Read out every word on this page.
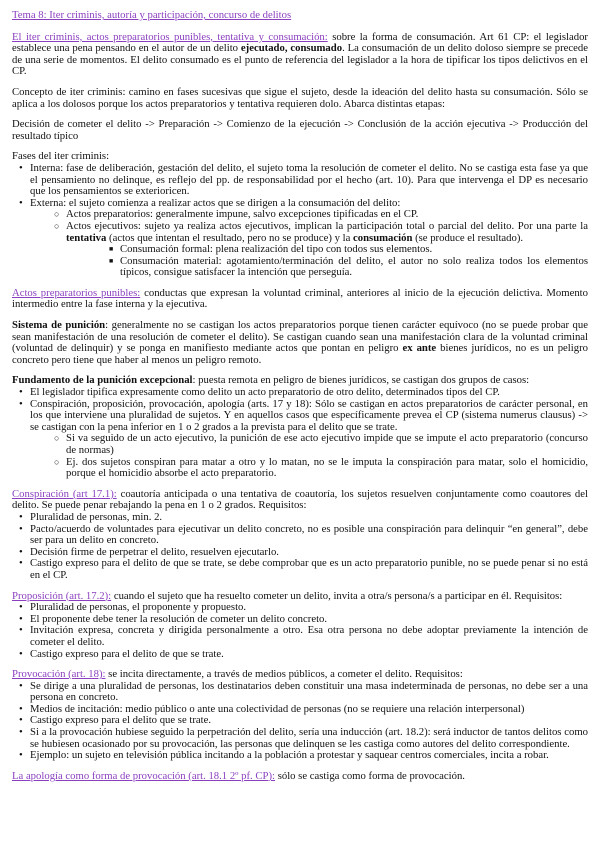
Tema 8: Iter criminis, autoría y participación, concurso de delitos

El iter criminis, actos preparatorios punibles, tentativa y consumación: sobre la forma de consumación. Art 61 CP: el legislador establece una pena pensando en el autor de un delito ejecutado, consumado. La consumación de un delito doloso siempre se precede de una serie de momentos. El delito consumado es el punto de referencia del legislador a la hora de tipificar los tipos delictivos en el CP.

Concepto de iter criminis: camino en fases sucesivas que sigue el sujeto, desde la ideación del delito hasta su consumación. Sólo se aplica a los dolosos porque los actos preparatorios y tentativa requieren dolo. Abarca distintas etapas:

Decisión de cometer el delito -> Preparación -> Comienzo de la ejecución -> Conclusión de la acción ejecutiva -> Producción del resultado típico

Fases del iter criminis:

• Interna: fase de deliberación, gestación del delito, el sujeto toma la resolución de cometer el delito. No se castiga esta fase ya que el pensamiento no delinque, es reflejo del pp. de responsabilidad por el hecho (art. 10). Para que intervenga el DP es necesario que los pensamientos se exterioricen.
• Externa: el sujeto comienza a realizar actos que se dirigen a la consumación del delito:
○ Actos preparatorios: generalmente impune, salvo excepciones tipificadas en el CP.
○ Actos ejecutivos: sujeto ya realiza actos ejecutivos, implican la participación total o parcial del delito. Por una parte la tentativa (actos que intentan el resultado, pero no se produce) y la consumación (se produce el resultado).
■ Consumación formal: plena realización del tipo con todos sus elementos.
■ Consumación material: agotamiento/terminación del delito, el autor no solo realiza todos los elementos típicos, consigue satisfacer la intención que perseguía.

Actos preparatorios punibles: conductas que expresan la voluntad criminal, anteriores al inicio de la ejecución delictiva. Momento intermedio entre la fase interna y la ejecutiva.

Sistema de punición: generalmente no se castigan los actos preparatorios porque tienen carácter equívoco (no se puede probar que sean manifestación de una resolución de cometer el delito). Se castigan cuando sean una manifestación clara de la voluntad criminal (voluntad de delinquir) y se ponga en manifiesto mediante actos que pontan en peligro ex ante bienes jurídicos, no es un peligro concreto pero tiene que haber al menos un peligro remoto.

Fundamento de la punición excepcional: puesta remota en peligro de bienes jurídicos, se castigan dos grupos de casos:

• El legislador tipifica expresamente como delito un acto preparatorio de otro delito, determinados tipos del CP.
• Conspiración, proposición, provocación, apología (arts. 17 y 18): Sólo se castigan en actos preparatorios de carácter personal, en los que interviene una pluralidad de sujetos. Y en aquellos casos que específicamente prevea el CP (sistema numerus clausus) -> se castigan con la pena inferior en 1 o 2 grados a la prevista para el delito que se trate.
○ Si va seguido de un acto ejecutivo, la punición de ese acto ejecutivo impide que se impute el acto preparatorio (concurso de normas)
○ Ej. dos sujetos conspiran para matar a otro y lo matan, no se le imputa la conspiración para matar, solo el homicidio, porque el homicidio absorbe el acto preparatorio.

Conspiración (art 17.1): coautoría anticipada o una tentativa de coautoría, los sujetos resuelven conjuntamente como coautores del delito. Se puede penar rebajando la pena en 1 o 2 grados. Requisitos:

• Pluralidad de personas, min. 2.
• Pacto/acuerdo de voluntades para ejecutivar un delito concreto, no es posible una conspiración para delinquir “en general”, debe ser para un delito en concreto.
• Decisión firme de perpetrar el delito, resuelven ejecutarlo.
• Castigo expreso para el delito de que se trate, se debe comprobar que es un acto preparatorio punible, no se puede penar si no está en el CP.

Proposición (art. 17.2): cuando el sujeto que ha resuelto cometer un delito, invita a otra/s persona/s a participar en él. Requisitos:

• Pluralidad de personas, el proponente y propuesto.
• El proponente debe tener la resolución de cometer un delito concreto.
• Invitación expresa, concreta y dirigida personalmente a otro. Esa otra persona no debe adoptar previamente la intención de cometer el delito.
• Castigo expreso para el delito de que se trate.

Provocación (art. 18): se incita directamente, a través de medios públicos, a cometer el delito. Requisitos:

• Se dirige a una pluralidad de personas, los destinatarios deben constituir una masa indeterminada de personas, no debe ser a una persona en concreto.
• Medios de incitación: medio público o ante una colectividad de personas (no se requiere una relación interpersonal)
• Castigo expreso para el delito que se trate.
• Si a la provocación hubiese seguido la perpetración del delito, sería una inducción (art. 18.2): será inductor de tantos delitos como se hubiesen ocasionado por su provocación, las personas que delinquen se les castiga como autores del delito correspondiente.
• Ejemplo: un sujeto en televisión pública incitando a la población a protestar y saquear centros comerciales, incita a robar.

La apología como forma de provocación (art. 18.1 2º pf. CP): sólo se castiga como forma de provocación.
